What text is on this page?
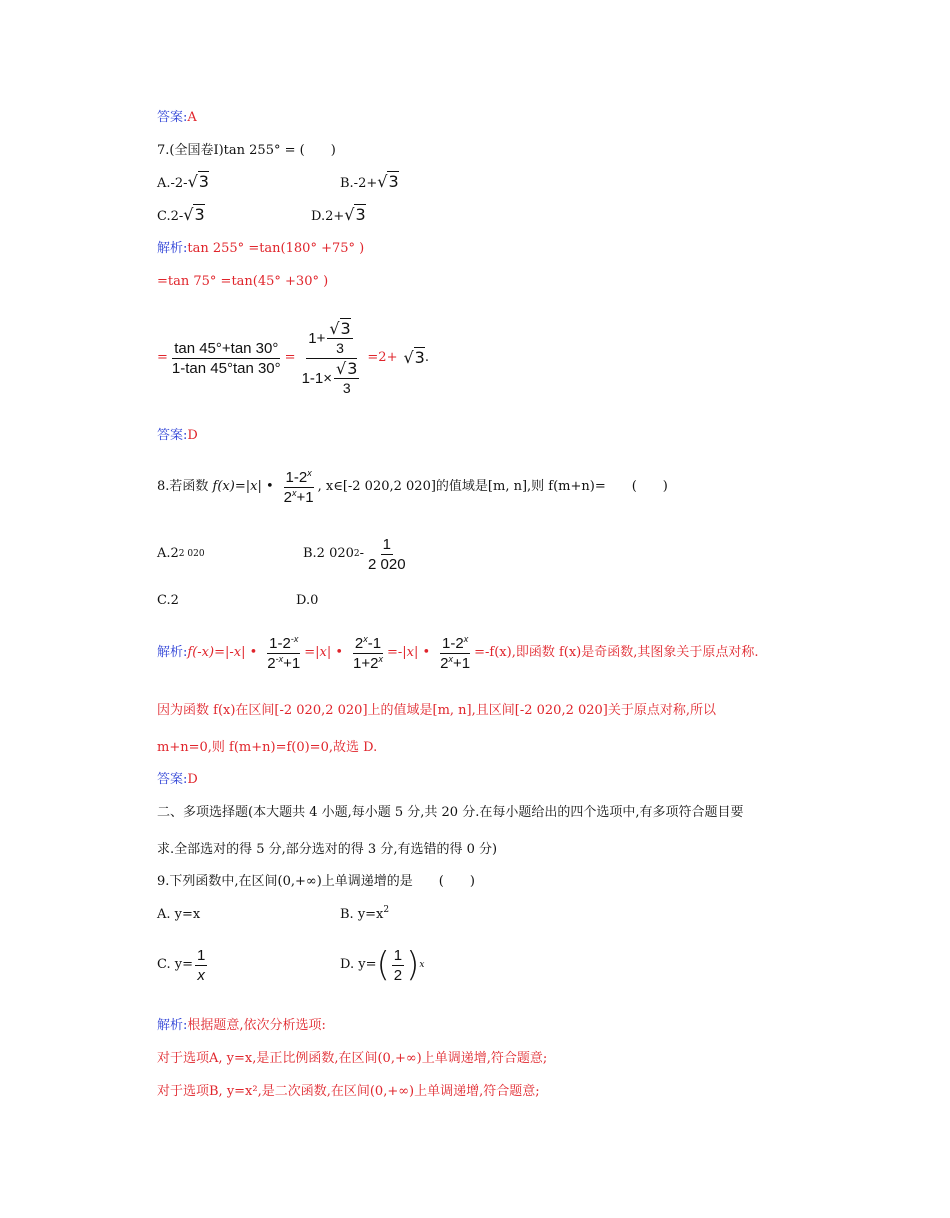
答案:A
7.(全国卷Ⅰ)tan 255° = (　　)
A.-2-√3	B.-2+√3
C.2-√3	D.2+√3
解析:tan 255° =tan(180° +75° )
=tan 75° =tan(45° +30° )
= $\frac{\tan 45^\circ+\tan 30^\circ}{1-\tan 45^\circ\tan 30^\circ} = \frac{1+ \frac{√3}{3}}{1-1\times \frac{√3}{3}} =2+ √3$ .
答案:D
8.若函数
f(x)=|x|
• $\frac{1-2^x}{2^x+1}$ , x∈[-2 020,2 020]的值域是[m, n],则 f(m+n)=　　(　　)
A.2 2 020	B.2 020 $2 - \frac{1}{2 020}$
C.2	D.0
解析: f(-x)=|-x|
• $\frac{1-2^{-x}}{2^{-x}+1} =|x|$
• $\frac{2^x-1}{1+2^x} =-|x|$
• $\frac{1-2^x}{2^x+1} =-f(x)$,即函数 f(x)是奇函数,其图象关于原点对称.
因为函数 f(x)在区间[-2 020,2 020]上的值域是[m, n],且区间[-2 020,2 020]关于原点对称,所以
m+n=0,则 f(m+n)=f(0)=0,故选 D.
答案:D
二、多项选择题(本大题共 4 小题,每小题 5 分,共 20 分.在每小题给出的四个选项中,有多项符合题目要
求.全部选对的得 5 分,部分选对的得 3 分,有选错的得 0 分)
9.下列函数中,在区间(0,+∞)上单调递增的是　　(　　)
A. y=x	B. $y=x^2$
C. $y= \frac{1}{x}$	D. y= ( $\frac{1}{2}$ ) x
解析:根据题意,依次分析选项:
对于选项A, y=x,是正比例函数,在区间(0,+∞)上单调递增,符合题意;
对于选项B, y=x²,是二次函数,在区间(0,+∞)上单调递增,符合题意;
